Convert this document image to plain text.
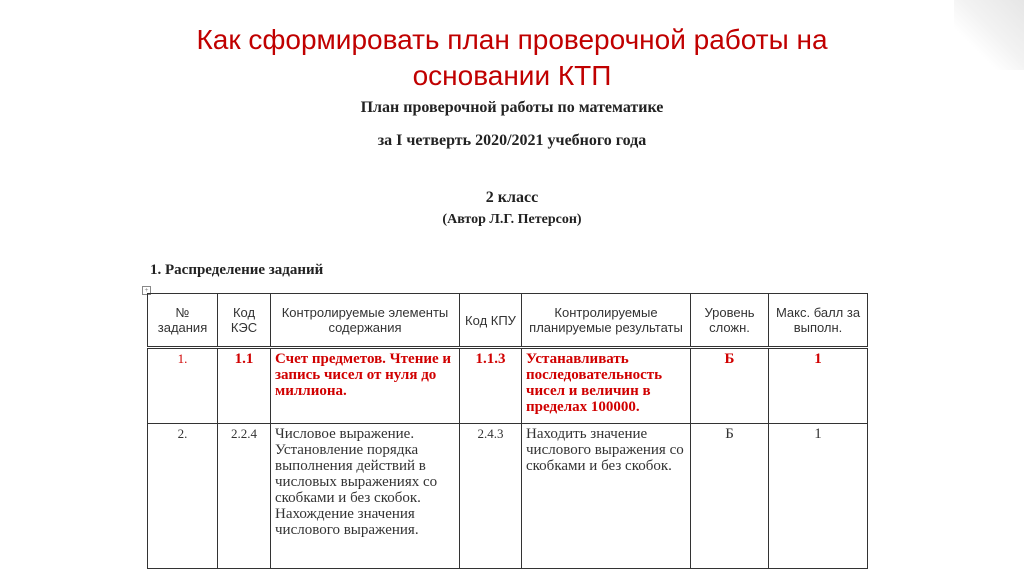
Как сформировать план проверочной работы на
основании КТП
План проверочной работы по математике
за I четверть 2020/2021 учебного года
2 класс
(Автор Л.Г. Петерсон)
1. Распределение заданий
+
№ задания	Код КЭС	Контролируемые элементы содержания	Код КПУ	Контролируемые планируемые результаты	Уровень сложн.	Макс. балл за выполн.
1.	1.1	Счет предметов. Чтение и запись чисел от нуля до миллиона.	1.1.3	Устанавливать последовательность чисел и величин в пределах 100000.	Б	1
2.	2.2.4	Числовое выражение. Установление порядка выполнения действий в числовых выражениях со скобками и без скобок. Нахождение значения числового выражения.	2.4.3	Находить значение числового выражения со скобками и без скобок.	Б	1
